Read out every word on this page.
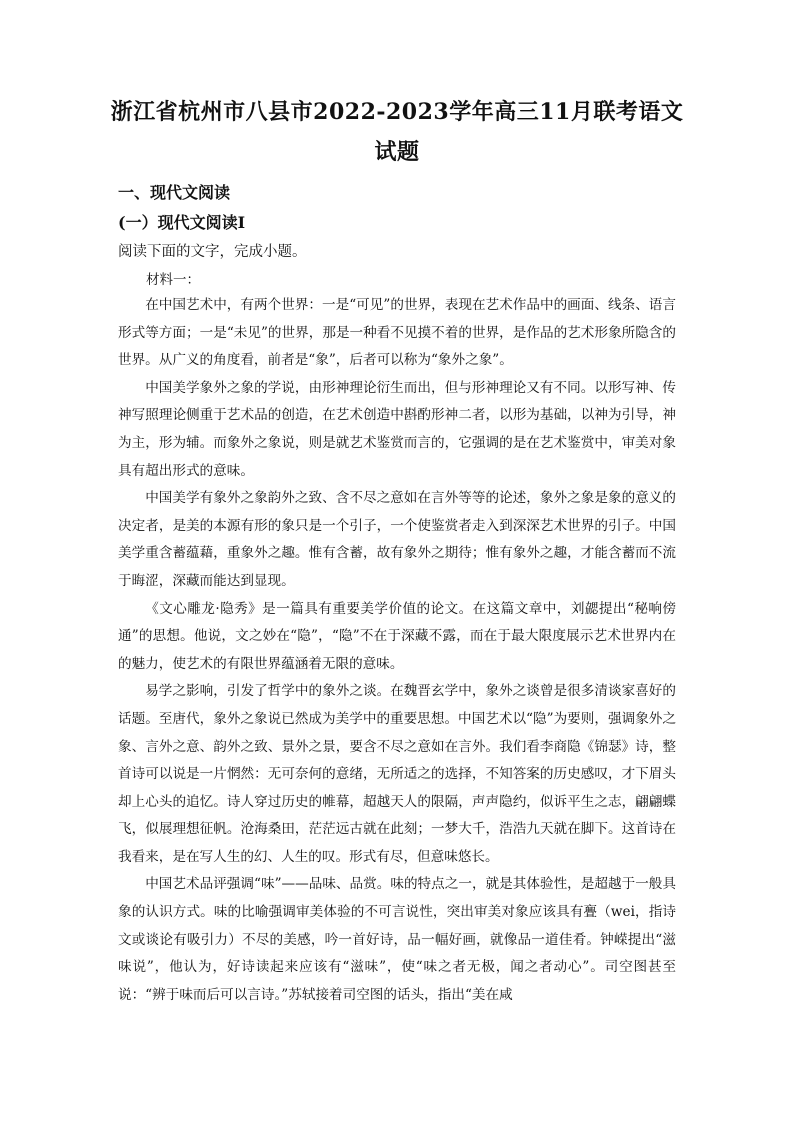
浙江省杭州市八县市2022-2023学年高三11月联考语文试题
一、现代文阅读
(一）现代文阅读Ⅰ
阅读下面的文字，完成小题。
材料一：

在中国艺术中，有两个世界：一是“可见”的世界，表现在艺术作品中的画面、线条、语言形式等方面；一是“未见”的世界，那是一种看不见摸不着的世界，是作品的艺术形象所隐含的世界。从广义的角度看，前者是“象”，后者可以称为“象外之象”。

中国美学象外之象的学说，由形神理论衍生而出，但与形神理论又有不同。以形写神、传神写照理论侧重于艺术品的创造，在艺术创造中斟酌形神二者，以形为基础，以神为引导，神为主，形为辅。而象外之象说，则是就艺术鉴赏而言的，它强调的是在艺术鉴赏中，审美对象具有超出形式的意味。

中国美学有象外之象韵外之致、含不尽之意如在言外等等的论述，象外之象是象的意义的决定者，是美的本源有形的象只是一个引子，一个使鉴赏者走入到深深艺术世界的引子。中国美学重含蓄蕴藉，重象外之趣。惟有含蓄，故有象外之期待；惟有象外之趣，才能含蓄而不流于晦涩，深藏而能达到显现。

《文心雕龙·隐秀》是一篇具有重要美学价值的论文。在这篇文章中，刘勰提出“秘响傍通”的思想。他说，文之妙在“隐”，“隐”不在于深藏不露，而在于最大限度展示艺术世界内在的魅力，使艺术的有限世界蕴涵着无限的意味。

易学之影响，引发了哲学中的象外之谈。在魏晋玄学中，象外之谈曾是很多清谈家喜好的话题。至唐代，象外之象说已然成为美学中的重要思想。中国艺术以“隐”为要则，强调象外之象、言外之意、韵外之致、景外之景，要含不尽之意如在言外。我们看李商隐《锦瑟》诗，整首诗可以说是一片惘然：无可奈何的意绪，无所适之的选择，不知答案的历史感叹，才下眉头却上心头的追忆。诗人穿过历史的帷幕，超越天人的限隔，声声隐约，似诉平生之志，翩翩蝶飞，似展理想征帆。沧海桑田，茫茫远古就在此刻；一梦大千，浩浩九天就在脚下。这首诗在我看来，是在写人生的幻、人生的叹。形式有尽，但意味悠长。

中国艺术品评强调“味”——品味、品赏。味的特点之一，就是其体验性，是超越于一般具象的认识方式。味的比喻强调审美体验的不可言说性，突出审美对象应该具有亹（wei，指诗文或谈论有吸引力）不尽的美感，吟一首好诗，品一幅好画，就像品一道佳肴。钟嵘提出“滋味说”，他认为，好诗读起来应该有“滋味”，使“味之者无极，闻之者动心”。司空图甚至说：“辨于味而后可以言诗。”苏轼接着司空图的话头，指出“美在咸
